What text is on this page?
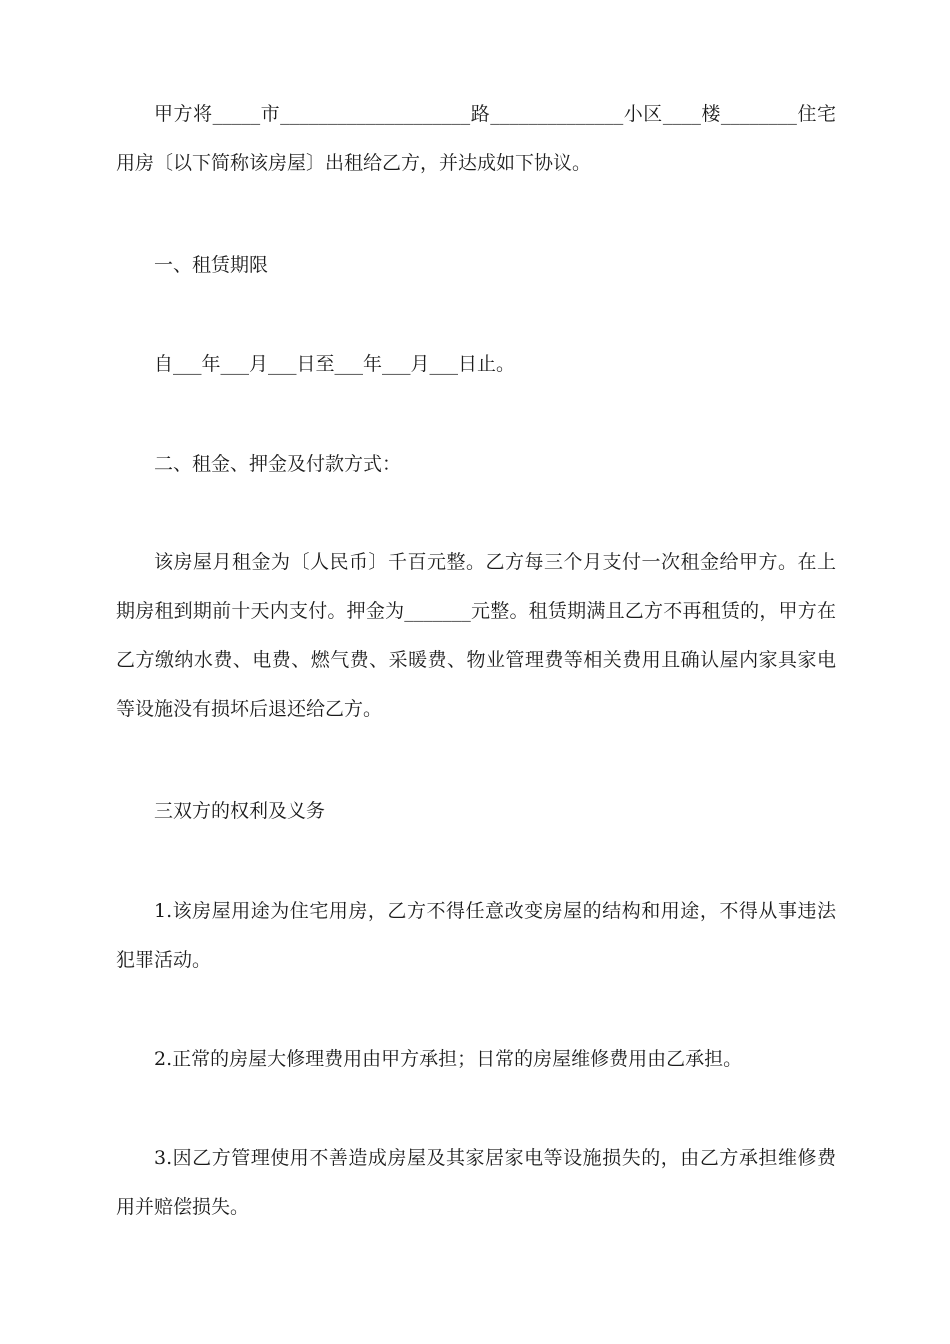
甲方将_____市____________________路______________小区____楼________住宅用房〔以下简称该房屋〕出租给乙方，并达成如下协议。
一、租赁期限
自___年___月___日至___年___月___日止。
二、租金、押金及付款方式：
该房屋月租金为〔人民币〕千百元整。乙方每三个月支付一次租金给甲方。在上期房租到期前十天内支付。押金为_______元整。租赁期满且乙方不再租赁的，甲方在乙方缴纳水费、电费、燃气费、采暖费、物业管理费等相关费用且确认屋内家具家电等设施没有损坏后退还给乙方。
三双方的权利及义务
1.该房屋用途为住宅用房，乙方不得任意改变房屋的结构和用途，不得从事违法犯罪活动。
2.正常的房屋大修理费用由甲方承担；日常的房屋维修费用由乙承担。
3.因乙方管理使用不善造成房屋及其家居家电等设施损失的，由乙方承担维修费用并赔偿损失。
